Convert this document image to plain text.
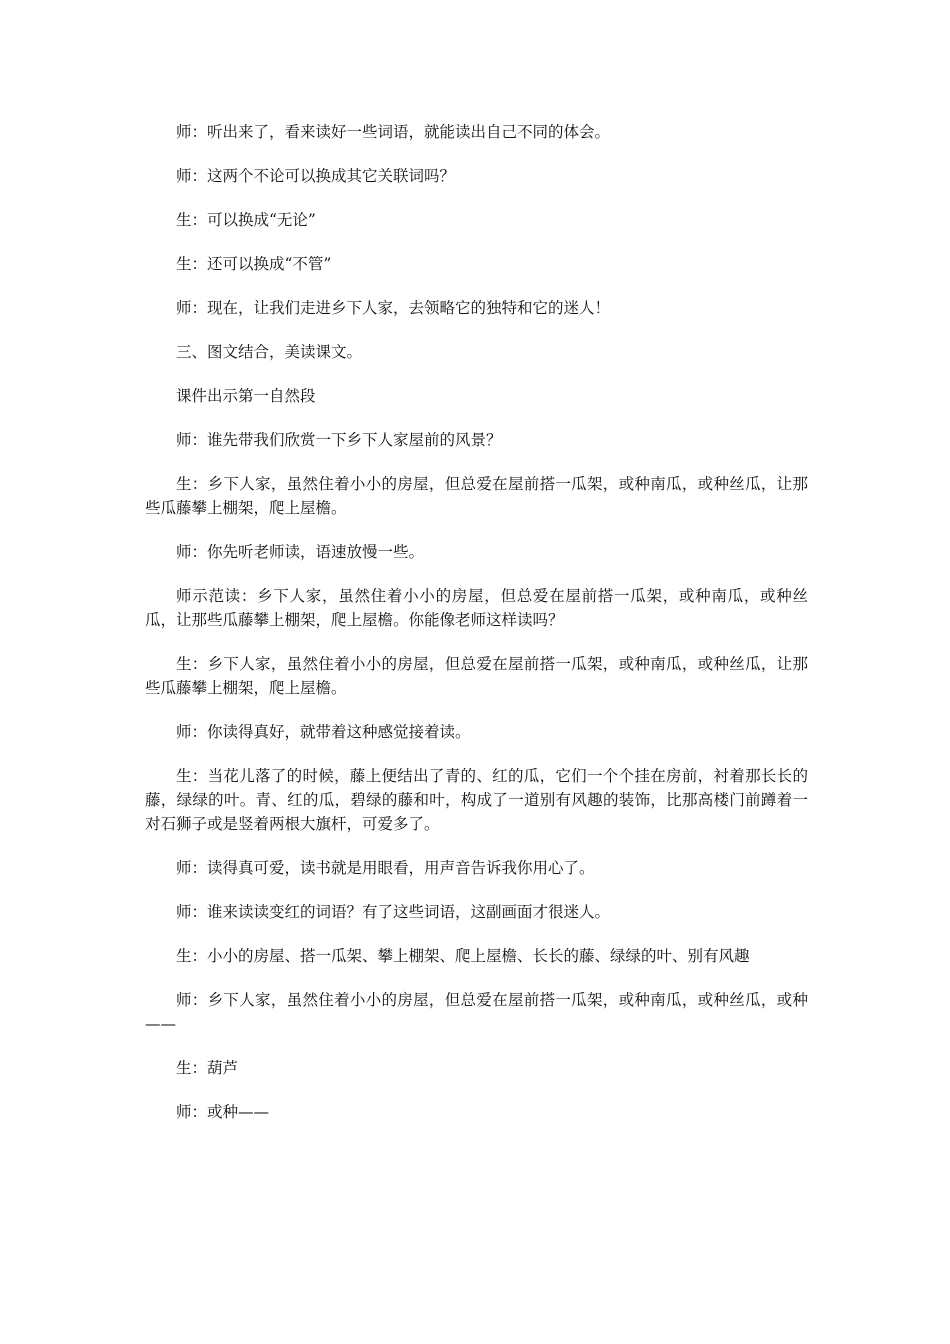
师：听出来了，看来读好一些词语，就能读出自己不同的体会。

师：这两个不论可以换成其它关联词吗？

生：可以换成“无论”

生：还可以换成“不管”

师：现在，让我们走进乡下人家，去领略它的独特和它的迷人！

三、图文结合，美读课文。

课件出示第一自然段

师：谁先带我们欣赏一下乡下人家屋前的风景？

生：乡下人家，虽然住着小小的房屋，但总爱在屋前搭一瓜架，或种南瓜，或种丝瓜，让那些瓜藤攀上棚架，爬上屋檐。

师：你先听老师读，语速放慢一些。

师示范读：乡下人家，虽然住着小小的房屋，但总爱在屋前搭一瓜架，或种南瓜，或种丝瓜，让那些瓜藤攀上棚架，爬上屋檐。你能像老师这样读吗？

生：乡下人家，虽然住着小小的房屋，但总爱在屋前搭一瓜架，或种南瓜，或种丝瓜，让那些瓜藤攀上棚架，爬上屋檐。

师：你读得真好，就带着这种感觉接着读。

生：当花儿落了的时候，藤上便结出了青的、红的瓜，它们一个个挂在房前，衬着那长长的藤，绿绿的叶。青、红的瓜，碧绿的藤和叶，构成了一道别有风趣的装饰，比那高楼门前蹲着一对石狮子或是竖着两根大旗杆，可爱多了。

师：读得真可爱，读书就是用眼看，用声音告诉我你用心了。

师：谁来读读变红的词语？有了这些词语，这副画面才很迷人。

生：小小的房屋、搭一瓜架、攀上棚架、爬上屋檐、长长的藤、绿绿的叶、别有风趣

师：乡下人家，虽然住着小小的房屋，但总爱在屋前搭一瓜架，或种南瓜，或种丝瓜，或种——

生：葫芦

师：或种——
